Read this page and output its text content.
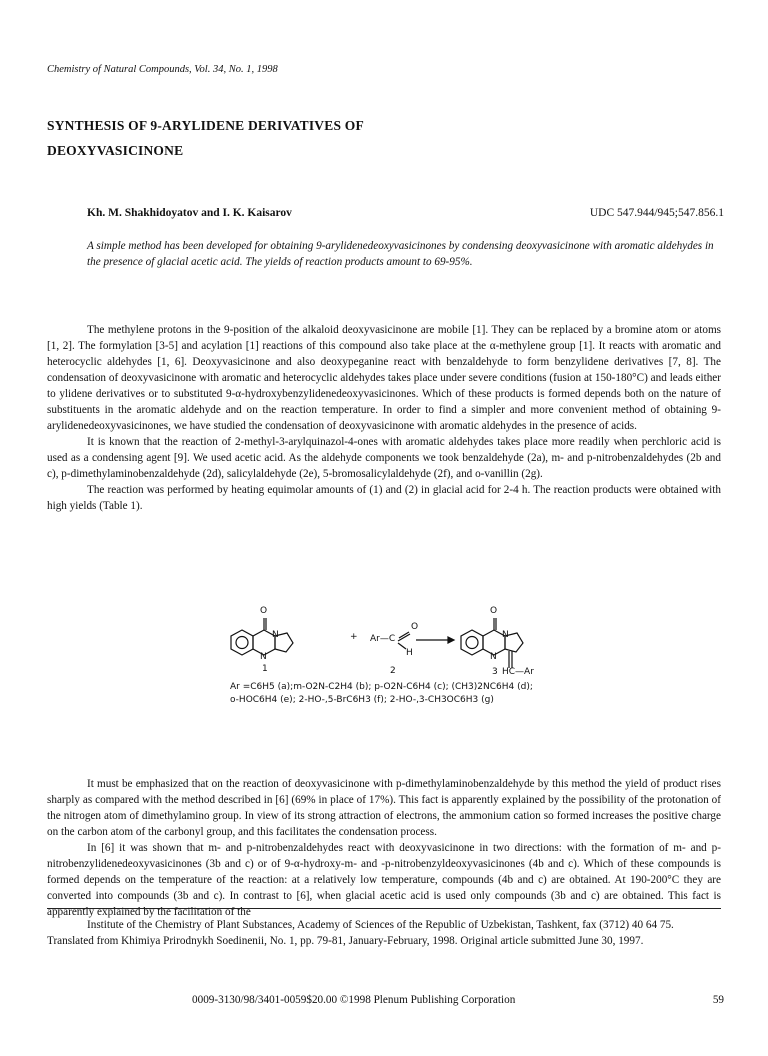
Chemistry of Natural Compounds, Vol. 34, No. 1, 1998
SYNTHESIS OF 9-ARYLIDENE DERIVATIVES OF
DEOXYVASICINONE
Kh. M. Shakhidoyatov and I. K. Kaisarov	UDC 547.944/945;547.856.1
A simple method has been developed for obtaining 9-arylidenedeoxyvasicinones by condensing deoxyvasicinone with aromatic aldehydes in the presence of glacial acetic acid. The yields of reaction products amount to 69-95%.

The methylene protons in the 9-position of the alkaloid deoxyvasicinone are mobile [1]. They can be replaced by a bromine atom or atoms [1, 2]. The formylation [3-5] and acylation [1] reactions of this compound also take place at the α-methylene group [1]. It reacts with aromatic and heterocyclic aldehydes [1, 6]. Deoxyvasicinone and also deoxypeganine react with benzaldehyde to form benzylidene derivatives [7, 8]. The condensation of deoxyvasicinone with aromatic and heterocyclic aldehydes takes place under severe conditions (fusion at 150-180°C) and leads either to ylidene derivatives or to substituted 9-α-hydroxybenzylidenedeoxyvasicinones. Which of these products is formed depends both on the nature of substituents in the aromatic aldehyde and on the reaction temperature. In order to find a simpler and more convenient method of obtaining 9-arylidenedeoxyvasicinones, we have studied the condensation of deoxyvasicinone with aromatic aldehydes in the presence of acids.

It is known that the reaction of 2-methyl-3-arylquinazol-4-ones with aromatic aldehydes takes place more readily when perchloric acid is used as a condensing agent [9]. We used acetic acid. As the aldehyde components we took benzaldehyde (2a), m- and p-nitrobenzaldehydes (2b and c), p-dimethylaminobenzaldehyde (2d), salicylaldehyde (2e), 5-bromosalicylaldehyde (2f), and o-vanillin (2g).

The reaction was performed by heating equimolar amounts of (1) and (2) in glacial acid for 2-4 h. The reaction products were obtained with high yields (Table 1).

O
N
N
1
+ Ar—C
O
H
2
O
N
N
3 HC—Ar
Ar =C6H5 (a);m-O2N-C2H4 (b); p-O2N-C6H4 (c); (CH3)2NC6H4 (d);
o-HOC6H4 (e); 2-HO-,5-BrC6H3 (f); 2-HO-,3-CH3OC6H3 (g)

It must be emphasized that on the reaction of deoxyvasicinone with p-dimethylaminobenzaldehyde by this method the yield of product rises sharply as compared with the method described in [6] (69% in place of 17%). This fact is apparently explained by the possibility of the protonation of the nitrogen atom of dimethylamino group. In view of its strong attraction of electrons, the ammonium cation so formed increases the positive charge on the carbon atom of the carbonyl group, and this facilitates the condensation process.

In [6] it was shown that m- and p-nitrobenzaldehydes react with deoxyvasicinone in two directions: with the formation of m- and p-nitrobenzylidenedeoxyvasicinones (3b and c) or of 9-α-hydroxy-m- and -p-nitrobenzyldeoxyvasicinones (4b and c). Which of these compounds is formed depends on the temperature of the reaction: at a relatively low temperature, compounds (4b and c) are obtained. At 190-200°C they are converted into compounds (3b and c). In contrast to [6], when glacial acetic acid is used only compounds (3b and c) are obtained. This fact is apparently explained by the facilitation of the

Institute of the Chemistry of Plant Substances, Academy of Sciences of the Republic of Uzbekistan, Tashkent, fax (3712) 40 64 75. Translated from Khimiya Prirodnykh Soedinenii, No. 1, pp. 79-81, January-February, 1998. Original article submitted June 30, 1997.

0009-3130/98/3401-0059$20.00 ©1998 Plenum Publishing Corporation	59
